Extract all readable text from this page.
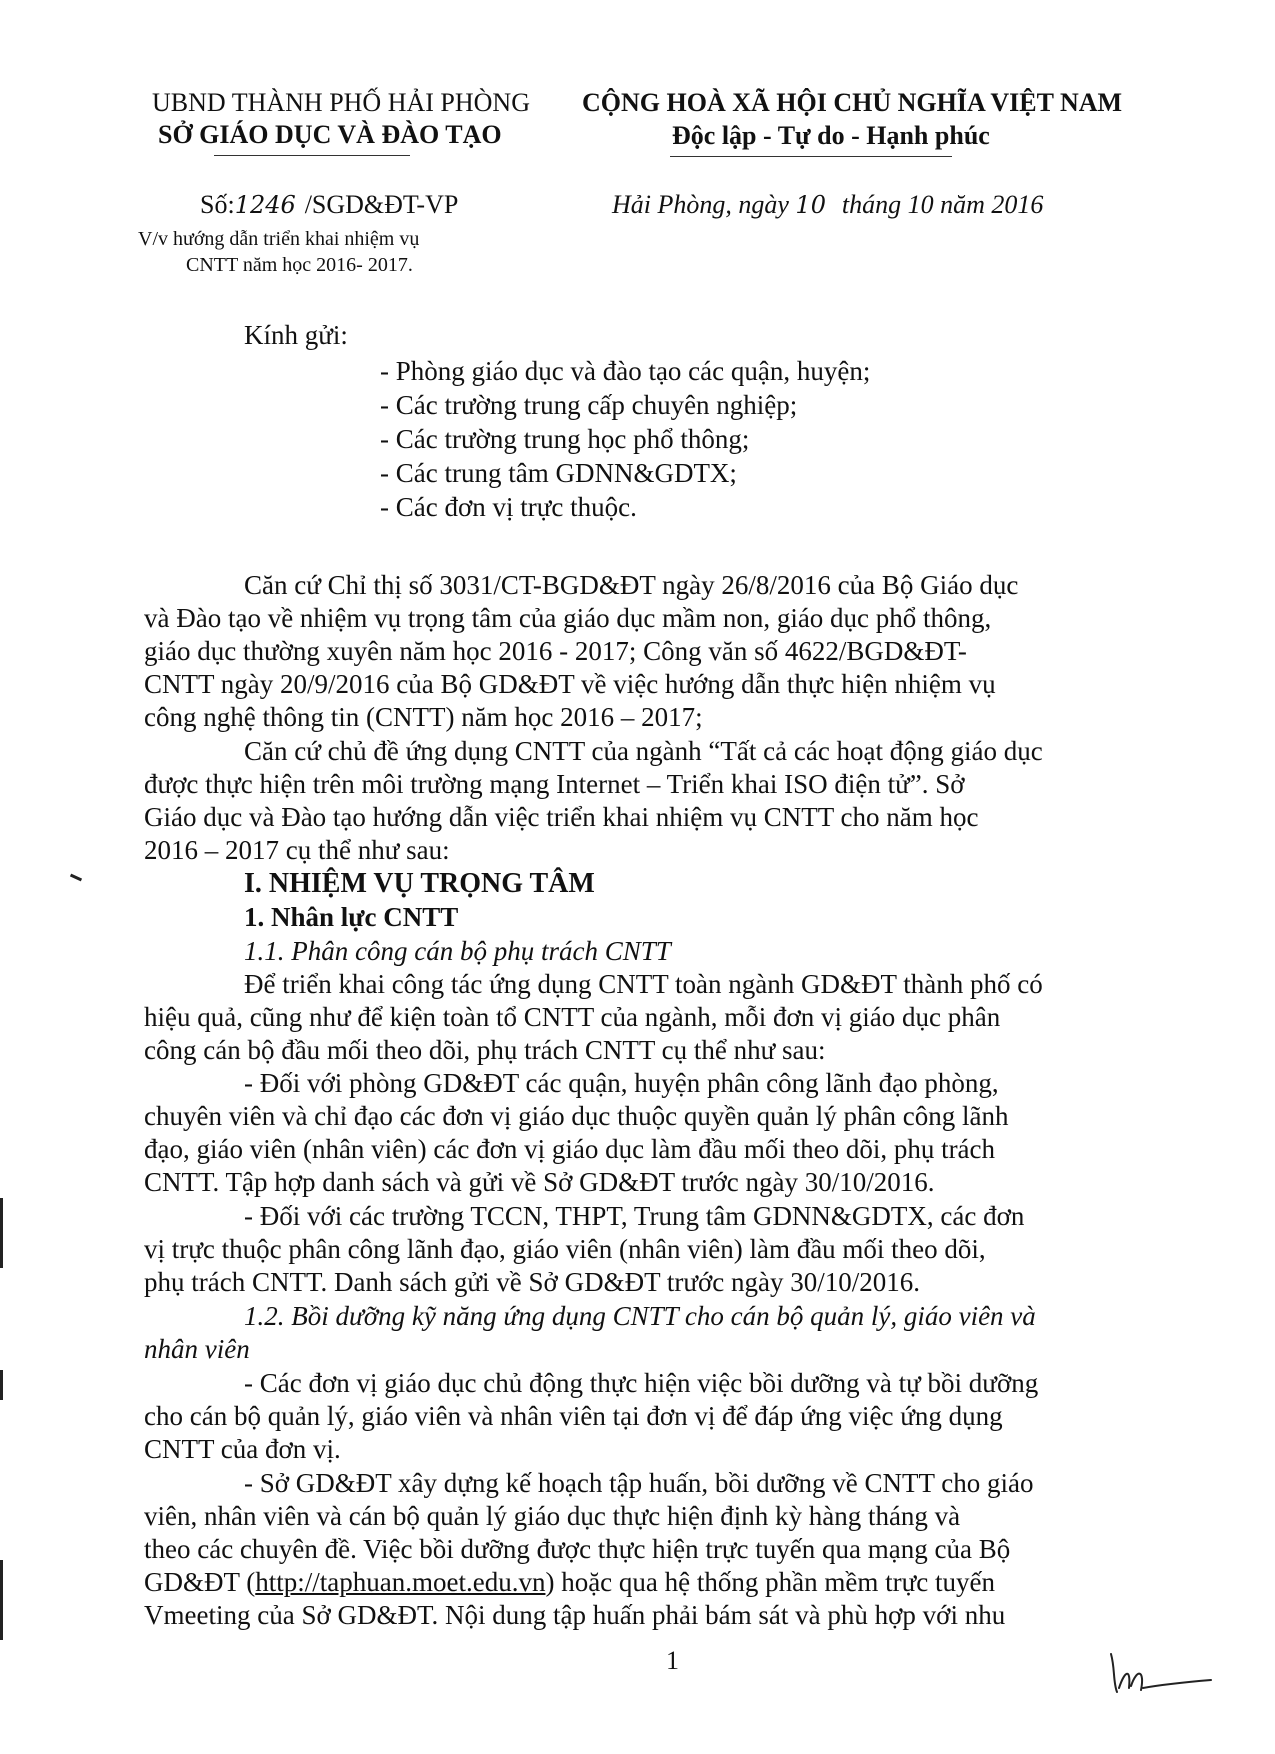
UBND THÀNH PHỐ HẢI PHÒNG
SỞ GIÁO DỤC VÀ ĐÀO TẠO
CỘNG HOÀ XÃ HỘI CHỦ NGHĨA VIỆT NAM
Độc lập - Tự do - Hạnh phúc
Số:1246 /SGD&ĐT-VP
V/v hướng dẫn triển khai nhiệm vụ
CNTT năm học 2016- 2017.
Hải Phòng, ngày 10 tháng 10 năm 2016
Kính gửi:
- Phòng giáo dục và đào tạo các quận, huyện;
- Các trường trung cấp chuyên nghiệp;
- Các trường trung học phổ thông;
- Các trung tâm GDNN&GDTX;
- Các đơn vị trực thuộc.
Căn cứ Chỉ thị số 3031/CT-BGD&ĐT ngày 26/8/2016 của Bộ Giáo dục
và Đào tạo về nhiệm vụ trọng tâm của giáo dục mầm non, giáo dục phổ thông,
giáo dục thường xuyên năm học 2016 - 2017; Công văn số 4622/BGD&ĐT-
CNTT ngày 20/9/2016 của Bộ GD&ĐT về việc hướng dẫn thực hiện nhiệm vụ
công nghệ thông tin (CNTT) năm học 2016 – 2017;
Căn cứ chủ đề ứng dụng CNTT của ngành “Tất cả các hoạt động giáo dục
được thực hiện trên môi trường mạng Internet – Triển khai ISO điện tử”. Sở
Giáo dục và Đào tạo hướng dẫn việc triển khai nhiệm vụ CNTT cho năm học
2016 – 2017 cụ thể như sau:
I. NHIỆM VỤ TRỌNG TÂM
1. Nhân lực CNTT
1.1. Phân công cán bộ phụ trách CNTT
Để triển khai công tác ứng dụng CNTT toàn ngành GD&ĐT thành phố có
hiệu quả, cũng như để kiện toàn tổ CNTT của ngành, mỗi đơn vị giáo dục phân
công cán bộ đầu mối theo dõi, phụ trách CNTT cụ thể như sau:
- Đối với phòng GD&ĐT các quận, huyện phân công lãnh đạo phòng,
chuyên viên và chỉ đạo các đơn vị giáo dục thuộc quyền quản lý phân công lãnh
đạo, giáo viên (nhân viên) các đơn vị giáo dục làm đầu mối theo dõi, phụ trách
CNTT. Tập hợp danh sách và gửi về Sở GD&ĐT trước ngày 30/10/2016.
- Đối với các trường TCCN, THPT, Trung tâm GDNN&GDTX, các đơn
vị trực thuộc phân công lãnh đạo, giáo viên (nhân viên) làm đầu mối theo dõi,
phụ trách CNTT. Danh sách gửi về Sở GD&ĐT trước ngày 30/10/2016.
1.2. Bồi dưỡng kỹ năng ứng dụng CNTT cho cán bộ quản lý, giáo viên và
nhân viên
- Các đơn vị giáo dục chủ động thực hiện việc bồi dưỡng và tự bồi dưỡng
cho cán bộ quản lý, giáo viên và nhân viên tại đơn vị để đáp ứng việc ứng dụng
CNTT của đơn vị.
- Sở GD&ĐT xây dựng kế hoạch tập huấn, bồi dưỡng về CNTT cho giáo
viên, nhân viên và cán bộ quản lý giáo dục thực hiện định kỳ hàng tháng và
theo các chuyên đề. Việc bồi dưỡng được thực hiện trực tuyến qua mạng của Bộ
GD&ĐT (http://taphuan.moet.edu.vn) hoặc qua hệ thống phần mềm trực tuyến
Vmeeting của Sở GD&ĐT. Nội dung tập huấn phải bám sát và phù hợp với nhu
1
